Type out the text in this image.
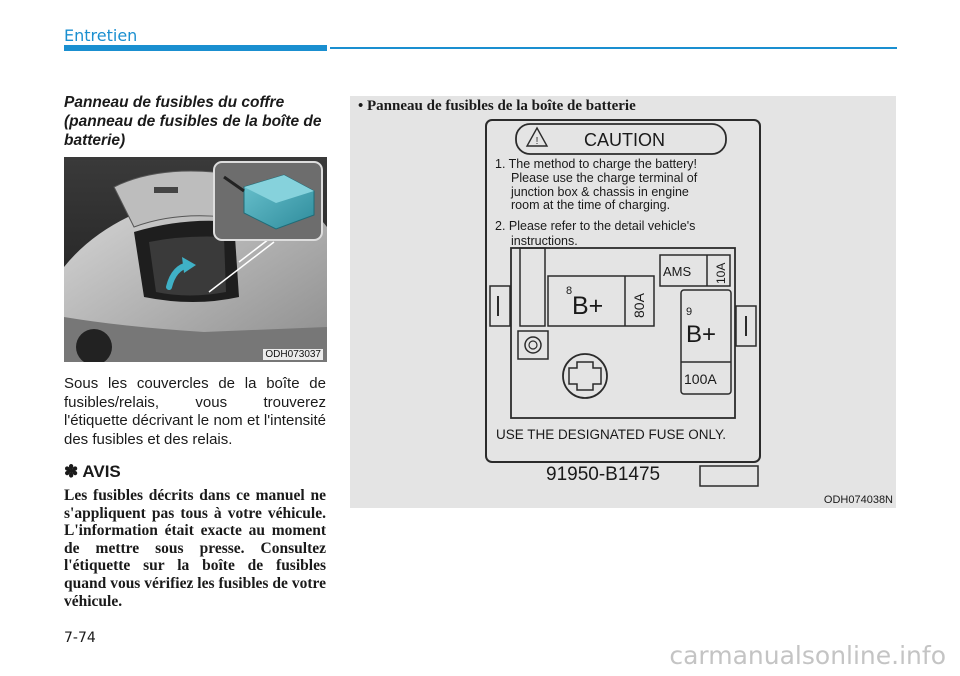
Entretien
Panneau de fusibles du coffre (panneau de fusibles de la boîte de batterie)
ODH073037
Sous les couvercles de la boîte de fusibles/relais, vous trouverez l'étiquette décrivant le nom et l'intensité des fusibles et des relais.
✽ AVIS
Les fusibles décrits dans ce manuel ne s'appliquent pas tous à votre véhicule. L'information était exacte au moment de mettre sous presse. Consultez l'étiquette sur la boîte de fusibles quand vous vérifiez les fusibles de votre véhicule.
!	CAUTION
1. The method to charge the battery!
Please use the charge terminal of
junction box & chassis in engine
room at the time of charging.
2. Please refer to the detail vehicle's
instructions.
8
B+ 80A
AMS 10A
9
B+
100A
USE THE DESIGNATED FUSE ONLY.
91950-B1475
• Panneau de fusibles de la boîte de batterie
ODH074038N
7-74
carmanualsonline.info
